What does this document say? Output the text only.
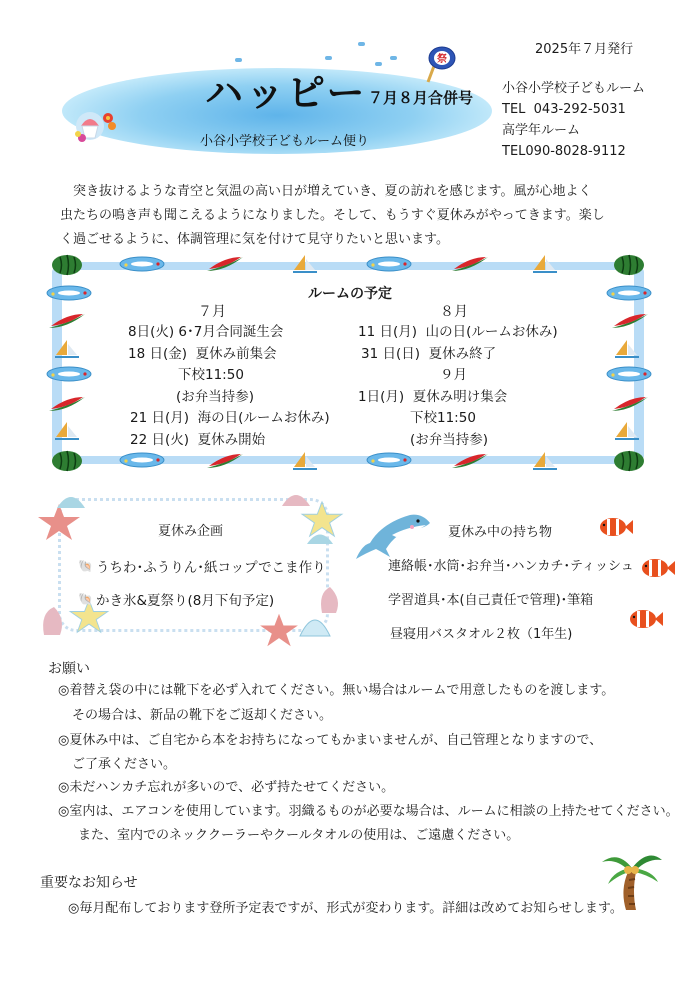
ハッピー ７月８月合併号
小谷小学校子どもルーム便り
祭
2025年７月発行
小谷小学校子どもルーム
TEL  043-292-5031
高学年ルーム
TEL090-8028-9112

突き抜けるような青空と気温の高い日が増えていき、夏の訪れを感じます。風が心地よく

虫たちの鳴き声も聞こえるようになりました。そして、もうすぐ夏休みがやってきます。楽し

く過ごせるように、体調管理に気を付けて見守りたいと思います。

ルームの予定
７月
8日(火) 6･7月合同誕生会
18 日(金)  夏休み前集会
下校11:50
(お弁当持参)
21 日(月)  海の日(ルームお休み)
22 日(火)  夏休み開始
８月
11 日(月)  山の日(ルームお休み)
31 日(日)  夏休み終了
９月
1日(月)  夏休み明け集会
下校11:50
(お弁当持参)
夏休み企画
🐚 うちわ･ふうりん･紙コップでこま作り
🐚 かき氷&夏祭り(8月下旬予定)
夏休み中の持ち物
連絡帳･水筒･お弁当･ハンカチ･ティッシュ
学習道具･本(自己責任で管理)･筆箱
昼寝用バスタオル２枚（1年生)
お願い
◎着替え袋の中には靴下を必ず入れてください。無い場合はルームで用意したものを渡します。
その場合は、新品の靴下をご返却ください。
◎夏休み中は、ご自宅から本をお持ちになってもかまいませんが、自己管理となりますので、
ご了承ください。
◎未だハンカチ忘れが多いので、必ず持たせてください。
◎室内は、エアコンを使用しています。羽織るものが必要な場合は、ルームに相談の上持たせてください。
また、室内でのネッククーラーやクールタオルの使用は、ご遠慮ください。
重要なお知らせ
◎毎月配布しております登所予定表ですが、形式が変わります。詳細は改めてお知らせします。
